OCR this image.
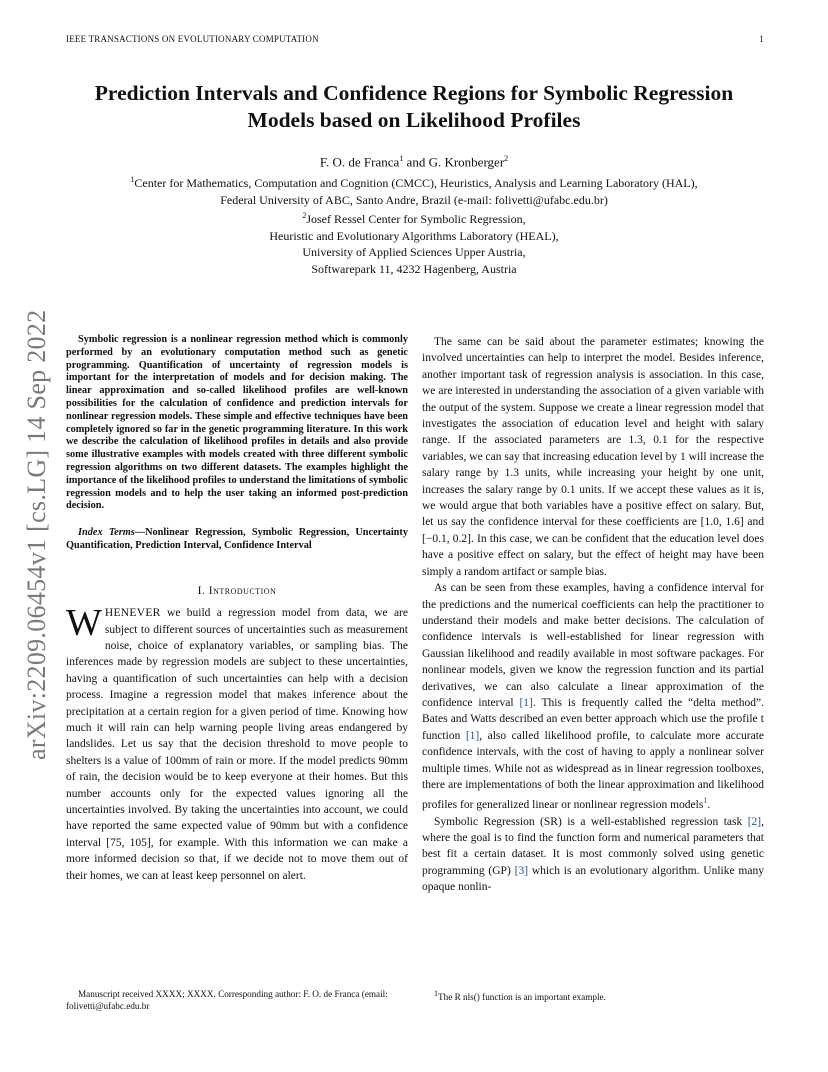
IEEE TRANSACTIONS ON EVOLUTIONARY COMPUTATION	1
arXiv:2209.06454v1 [cs.LG] 14 Sep 2022
Prediction Intervals and Confidence Regions for Symbolic Regression Models based on Likelihood Profiles
F. O. de Franca$^1$ and G. Kronberger$^2$
$^1$Center for Mathematics, Computation and Cognition (CMCC), Heuristics, Analysis and Learning Laboratory (HAL),
Federal University of ABC, Santo Andre, Brazil (e-mail: folivetti@ufabc.edu.br)
$^2$Josef Ressel Center for Symbolic Regression,
Heuristic and Evolutionary Algorithms Laboratory (HEAL),
University of Applied Sciences Upper Austria,
Softwarepark 11, 4232 Hagenberg, Austria

Symbolic regression is a nonlinear regression method which is commonly performed by an evolutionary computation method such as genetic programming. Quantification of uncertainty of regression models is important for the interpretation of models and for decision making. The linear approximation and so-called likelihood profiles are well-known possibilities for the calculation of confidence and prediction intervals for nonlinear regression models. These simple and effective techniques have been completely ignored so far in the genetic programming literature. In this work we describe the calculation of likelihood profiles in details and also provide some illustrative examples with models created with three different symbolic regression algorithms on two different datasets. The examples highlight the importance of the likelihood profiles to understand the limitations of symbolic regression models and to help the user taking an informed post-prediction decision.

Index Terms—Nonlinear Regression, Symbolic Regression, Uncertainty Quantification, Prediction Interval, Confidence Interval

I. Introduction

WHENEVER we build a regression model from data, we are subject to different sources of uncertainties such as measurement noise, choice of explanatory variables, or sampling bias. The inferences made by regression models are subject to these uncertainties, having a quantification of such uncertainties can help with a decision process. Imagine a regression model that makes inference about the precipitation at a certain region for a given period of time. Knowing how much it will rain can help warning people living areas endangered by landslides. Let us say that the decision threshold to move people to shelters is a value of 100mm of rain or more. If the model predicts 90mm of rain, the decision would be to keep everyone at their homes. But this number accounts only for the expected values ignoring all the uncertainties involved. By taking the uncertainties into account, we could have reported the same expected value of 90mm but with a confidence interval [75, 105], for example. With this information we can make a more informed decision so that, if we decide not to move them out of their homes, we can at least keep personnel on alert.

The same can be said about the parameter estimates; knowing the involved uncertainties can help to interpret the model. Besides inference, another important task of regression analysis is association. In this case, we are interested in understanding the association of a given variable with the output of the system. Suppose we create a linear regression model that investigates the association of education level and height with salary range. If the associated parameters are 1.3, 0.1 for the respective variables, we can say that increasing education level by 1 will increase the salary range by 1.3 units, while increasing your height by one unit, increases the salary range by 0.1 units. If we accept these values as it is, we would argue that both variables have a positive effect on salary. But, let us say the confidence interval for these coefficients are [1.0, 1.6] and [−0.1, 0.2]. In this case, we can be confident that the education level does have a positive effect on salary, but the effect of height may have been simply a random artifact or sample bias.

As can be seen from these examples, having a confidence interval for the predictions and the numerical coefficients can help the practitioner to understand their models and make better decisions. The calculation of confidence intervals is well-established for linear regression with Gaussian likelihood and readily available in most software packages. For nonlinear models, given we know the regression function and its partial derivatives, we can also calculate a linear approximation of the confidence interval [1]. This is frequently called the “delta method”. Bates and Watts described an even better approach which use the profile t function [1], also called likelihood profile, to calculate more accurate confidence intervals, with the cost of having to apply a nonlinear solver multiple times. While not as widespread as in linear regression toolboxes, there are implementations of both the linear approximation and likelihood profiles for generalized linear or nonlinear regression models$^1$.

Symbolic Regression (SR) is a well-established regression task [2], where the goal is to find the function form and numerical parameters that best fit a certain dataset. It is most commonly solved using genetic programming (GP) [3] which is an evolutionary algorithm. Unlike many opaque nonlin-

Manuscript received XXXX; XXXX. Corresponding author: F. O. de Franca (email: folivetti@ufabc.edu.br
$^1$The R nls() function is an important example.
